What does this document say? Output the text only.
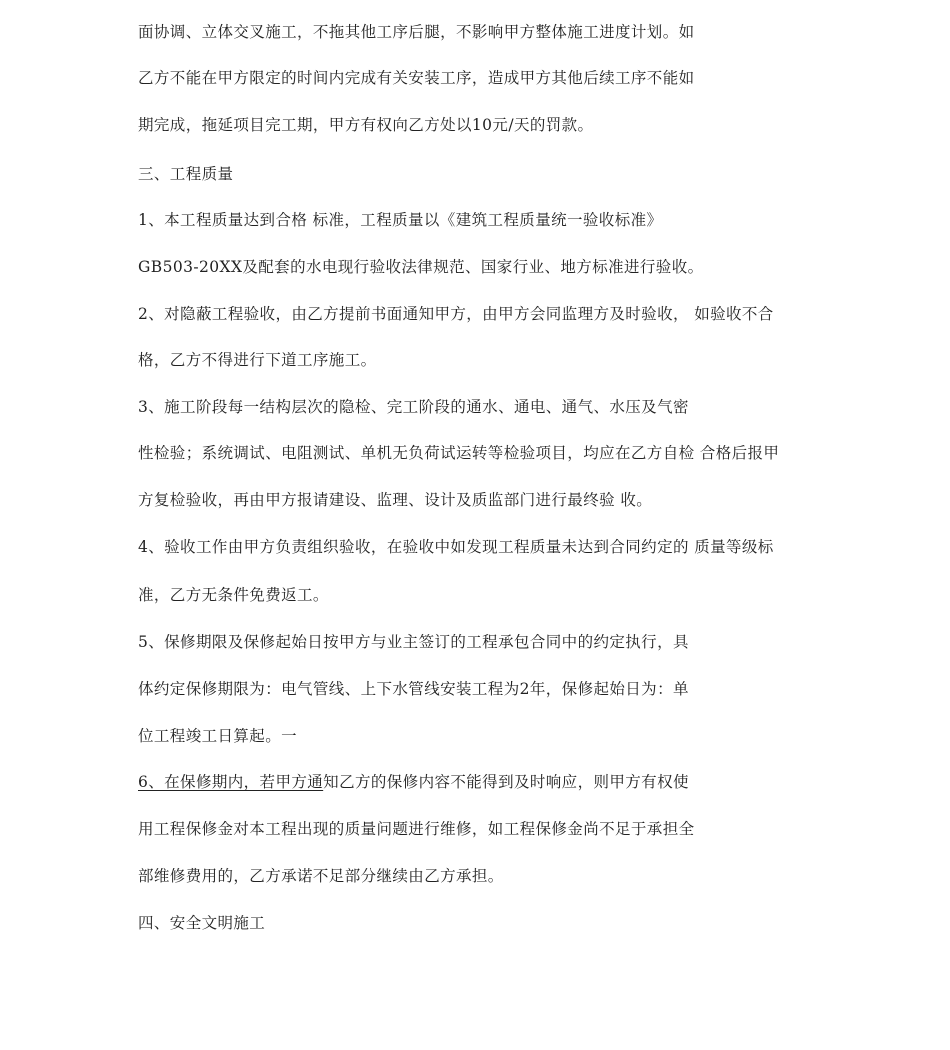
面协调、立体交叉施工，不拖其他工序后腿，不影响甲方整体施工进度计划。如
乙方不能在甲方限定的时间内完成有关安装工序，造成甲方其他后续工序不能如
期完成，拖延项目完工期，甲方有权向乙方处以10元/天的罚款。
三、工程质量
1、本工程质量达到合格 标准，工程质量以《建筑工程质量统一验收标准》
GB503-20XX及配套的水电现行验收法律规范、国家行业、地方标准进行验收。
2、对隐蔽工程验收，由乙方提前书面通知甲方，由甲方会同监理方及时验收， 如验收不合
格，乙方不得进行下道工序施工。
3、施工阶段每一结构层次的隐检、完工阶段的通水、通电、通气、水压及气密
性检验；系统调试、电阻测试、单机无负荷试运转等检验项目，均应在乙方自检 合格后报甲
方复检验收，再由甲方报请建设、监理、设计及质监部门进行最终验 收。
4、验收工作由甲方负责组织验收，在验收中如发现工程质量未达到合同约定的 质量等级标
准，乙方无条件免费返工。
5、保修期限及保修起始日按甲方与业主签订的工程承包合同中的约定执行，具
体约定保修期限为：电气管线、上下水管线安装工程为2年，保修起始日为：单
位工程竣工日算起。一
6、在保修期内，若甲方通知乙方的保修内容不能得到及时响应，则甲方有权使
用工程保修金对本工程出现的质量问题进行维修，如工程保修金尚不足于承担全
部维修费用的，乙方承诺不足部分继续由乙方承担。
四、安全文明施工
